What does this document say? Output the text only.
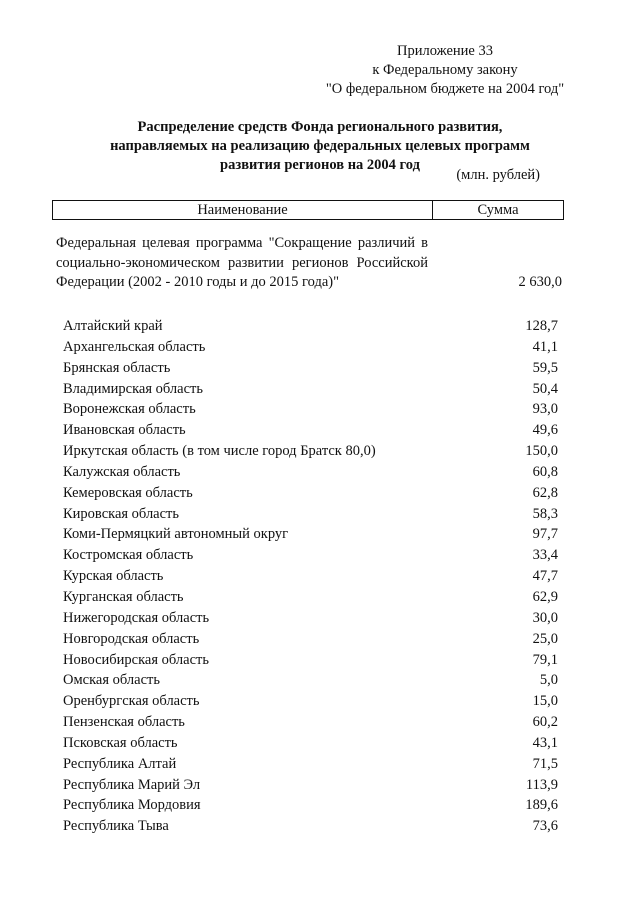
Приложение 33
к Федеральному закону
"О федеральном бюджете на 2004 год"
Распределение средств Фонда регионального развития,
направляемых на реализацию федеральных целевых программ
развития регионов на 2004 год
(млн. рублей)
Наименование	Сумма
Федеральная целевая программа "Сокращение различий в социально-экономическом развитии регионов Российской Федерации (2002 - 2010 годы и до 2015 года)"	2 630,0
Алтайский край	128,7
Архангельская область	41,1
Брянская область	59,5
Владимирская область	50,4
Воронежская область	93,0
Ивановская область	49,6
Иркутская область (в том числе город Братск 80,0)	150,0
Калужская область	60,8
Кемеровская область	62,8
Кировская область	58,3
Коми-Пермяцкий автономный округ	97,7
Костромская область	33,4
Курская область	47,7
Курганская область	62,9
Нижегородская область	30,0
Новгородская область	25,0
Новосибирская область	79,1
Омская область	5,0
Оренбургская область	15,0
Пензенская область	60,2
Псковская область	43,1
Республика Алтай	71,5
Республика Марий Эл	113,9
Республика Мордовия	189,6
Республика Тыва	73,6
